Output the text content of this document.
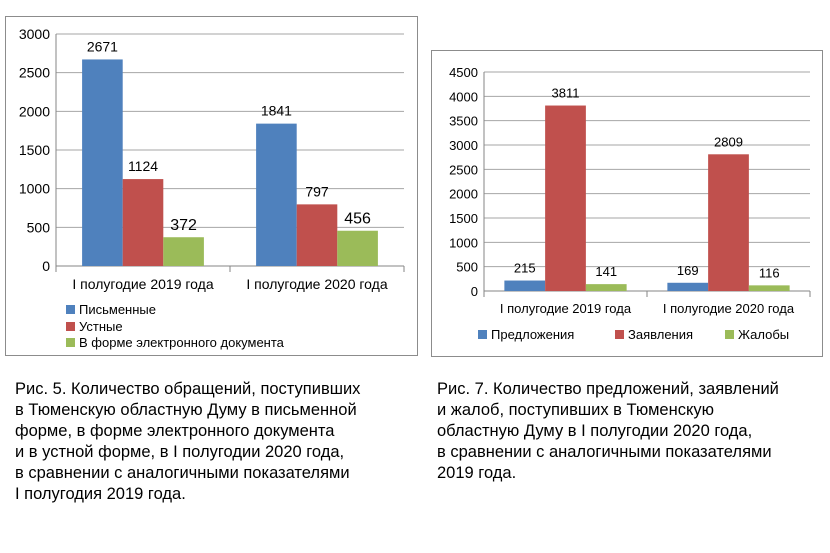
0
500
1000
1500
2000
2500
3000
2671
1124
372
I полугодие 2019 года
1841
797
456
I полугодие 2020 года
Письменные
Устные
В форме электронного документа
0
500
1000
1500
2000
2500
3000
3500
4000
4500
215
3811
141
I полугодие 2019 года
169
2809
116
I полугодие 2020 года
Предложения	Заявления	Жалобы
Рис. 5. Количество обращений, поступивших
в Тюменскую областную Думу в письменной
форме, в форме электронного документа
и в устной форме, в I полугодии 2020 года,
в сравнении с аналогичными показателями
I полугодия 2019 года.
Рис. 7. Количество предложений, заявлений
и жалоб, поступивших в Тюменскую
областную Думу в I полугодии 2020 года,
в сравнении с аналогичными показателями
2019 года.
